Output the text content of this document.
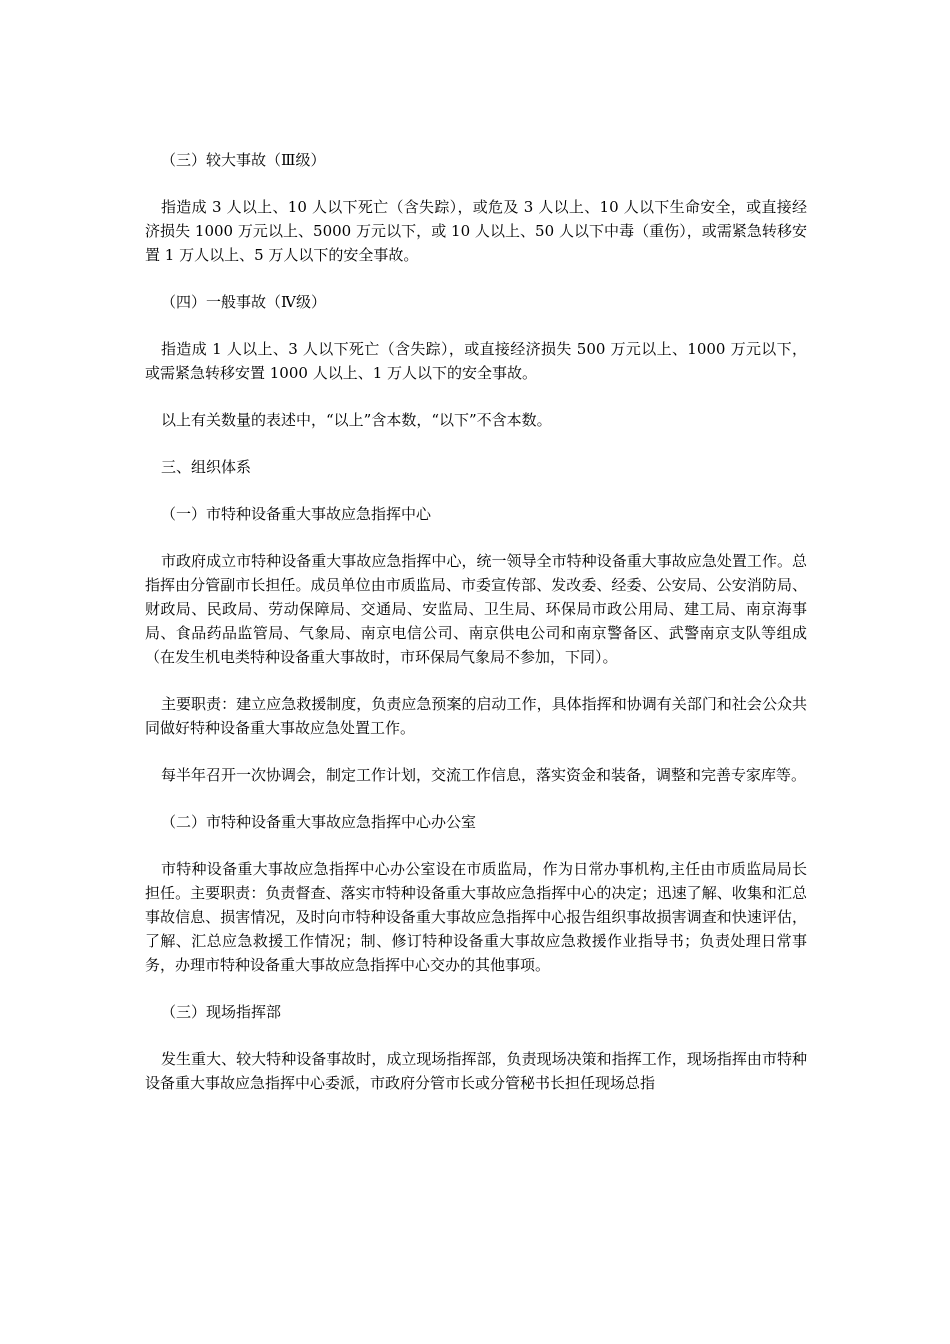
（三）较大事故（Ⅲ级）

指造成 3 人以上、10 人以下死亡（含失踪），或危及 3 人以上、10 人以下生命安全，或直接经济损失 1000 万元以上、5000 万元以下，或 10 人以上、50 人以下中毒（重伤），或需紧急转移安置 1 万人以上、5 万人以下的安全事故。

（四）一般事故（Ⅳ级）

指造成 1 人以上、3 人以下死亡（含失踪），或直接经济损失 500 万元以上、1000 万元以下，或需紧急转移安置 1000 人以上、1 万人以下的安全事故。

以上有关数量的表述中，“以上”含本数，“以下”不含本数。

三、组织体系

（一）市特种设备重大事故应急指挥中心

市政府成立市特种设备重大事故应急指挥中心，统一领导全市特种设备重大事故应急处置工作。总指挥由分管副市长担任。成员单位由市质监局、市委宣传部、发改委、经委、公安局、公安消防局、财政局、民政局、劳动保障局、交通局、安监局、卫生局、环保局市政公用局、建工局、南京海事局、食品药品监管局、气象局、南京电信公司、南京供电公司和南京警备区、武警南京支队等组成（在发生机电类特种设备重大事故时，市环保局气象局不参加，下同）。

主要职责：建立应急救援制度，负责应急预案的启动工作，具体指挥和协调有关部门和社会公众共同做好特种设备重大事故应急处置工作。

每半年召开一次协调会，制定工作计划，交流工作信息，落实资金和装备，调整和完善专家库等。

（二）市特种设备重大事故应急指挥中心办公室

市特种设备重大事故应急指挥中心办公室设在市质监局，作为日常办事机构,主任由市质监局局长担任。主要职责：负责督查、落实市特种设备重大事故应急指挥中心的决定；迅速了解、收集和汇总事故信息、损害情况，及时向市特种设备重大事故应急指挥中心报告组织事故损害调查和快速评估，了解、汇总应急救援工作情况；制、修订特种设备重大事故应急救援作业指导书；负责处理日常事务，办理市特种设备重大事故应急指挥中心交办的其他事项。

（三）现场指挥部

发生重大、较大特种设备事故时，成立现场指挥部，负责现场决策和指挥工作，现场指挥由市特种设备重大事故应急指挥中心委派，市政府分管市长或分管秘书长担任现场总指
